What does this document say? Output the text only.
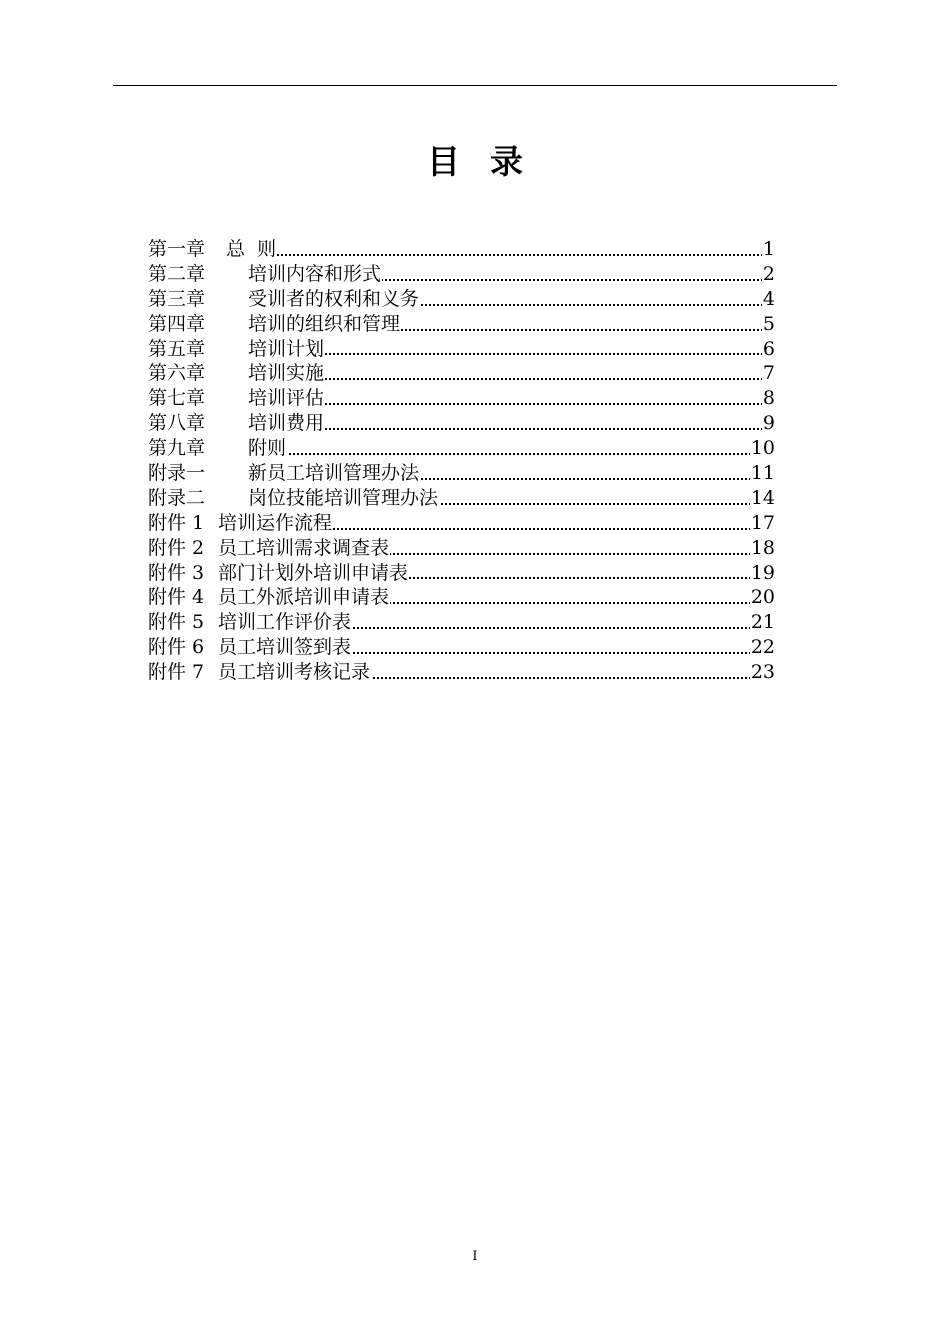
目录
第一章	总  则	1
第二章	培训内容和形式	2
第三章	受训者的权利和义务	4
第四章	培训的组织和管理	5
第五章	培训计划	6
第六章	培训实施	7
第七章	培训评估	8
第八章	培训费用	9
第九章	附则	10
附录一	新员工培训管理办法	11
附录二	岗位技能培训管理办法	14
附件 1 培训运作流程	17
附件 2 员工培训需求调查表	18
附件 3 部门计划外培训申请表	19
附件 4 员工外派培训申请表	20
附件 5 培训工作评价表	21
附件 6 员工培训签到表	22
附件 7 员工培训考核记录	23
I
